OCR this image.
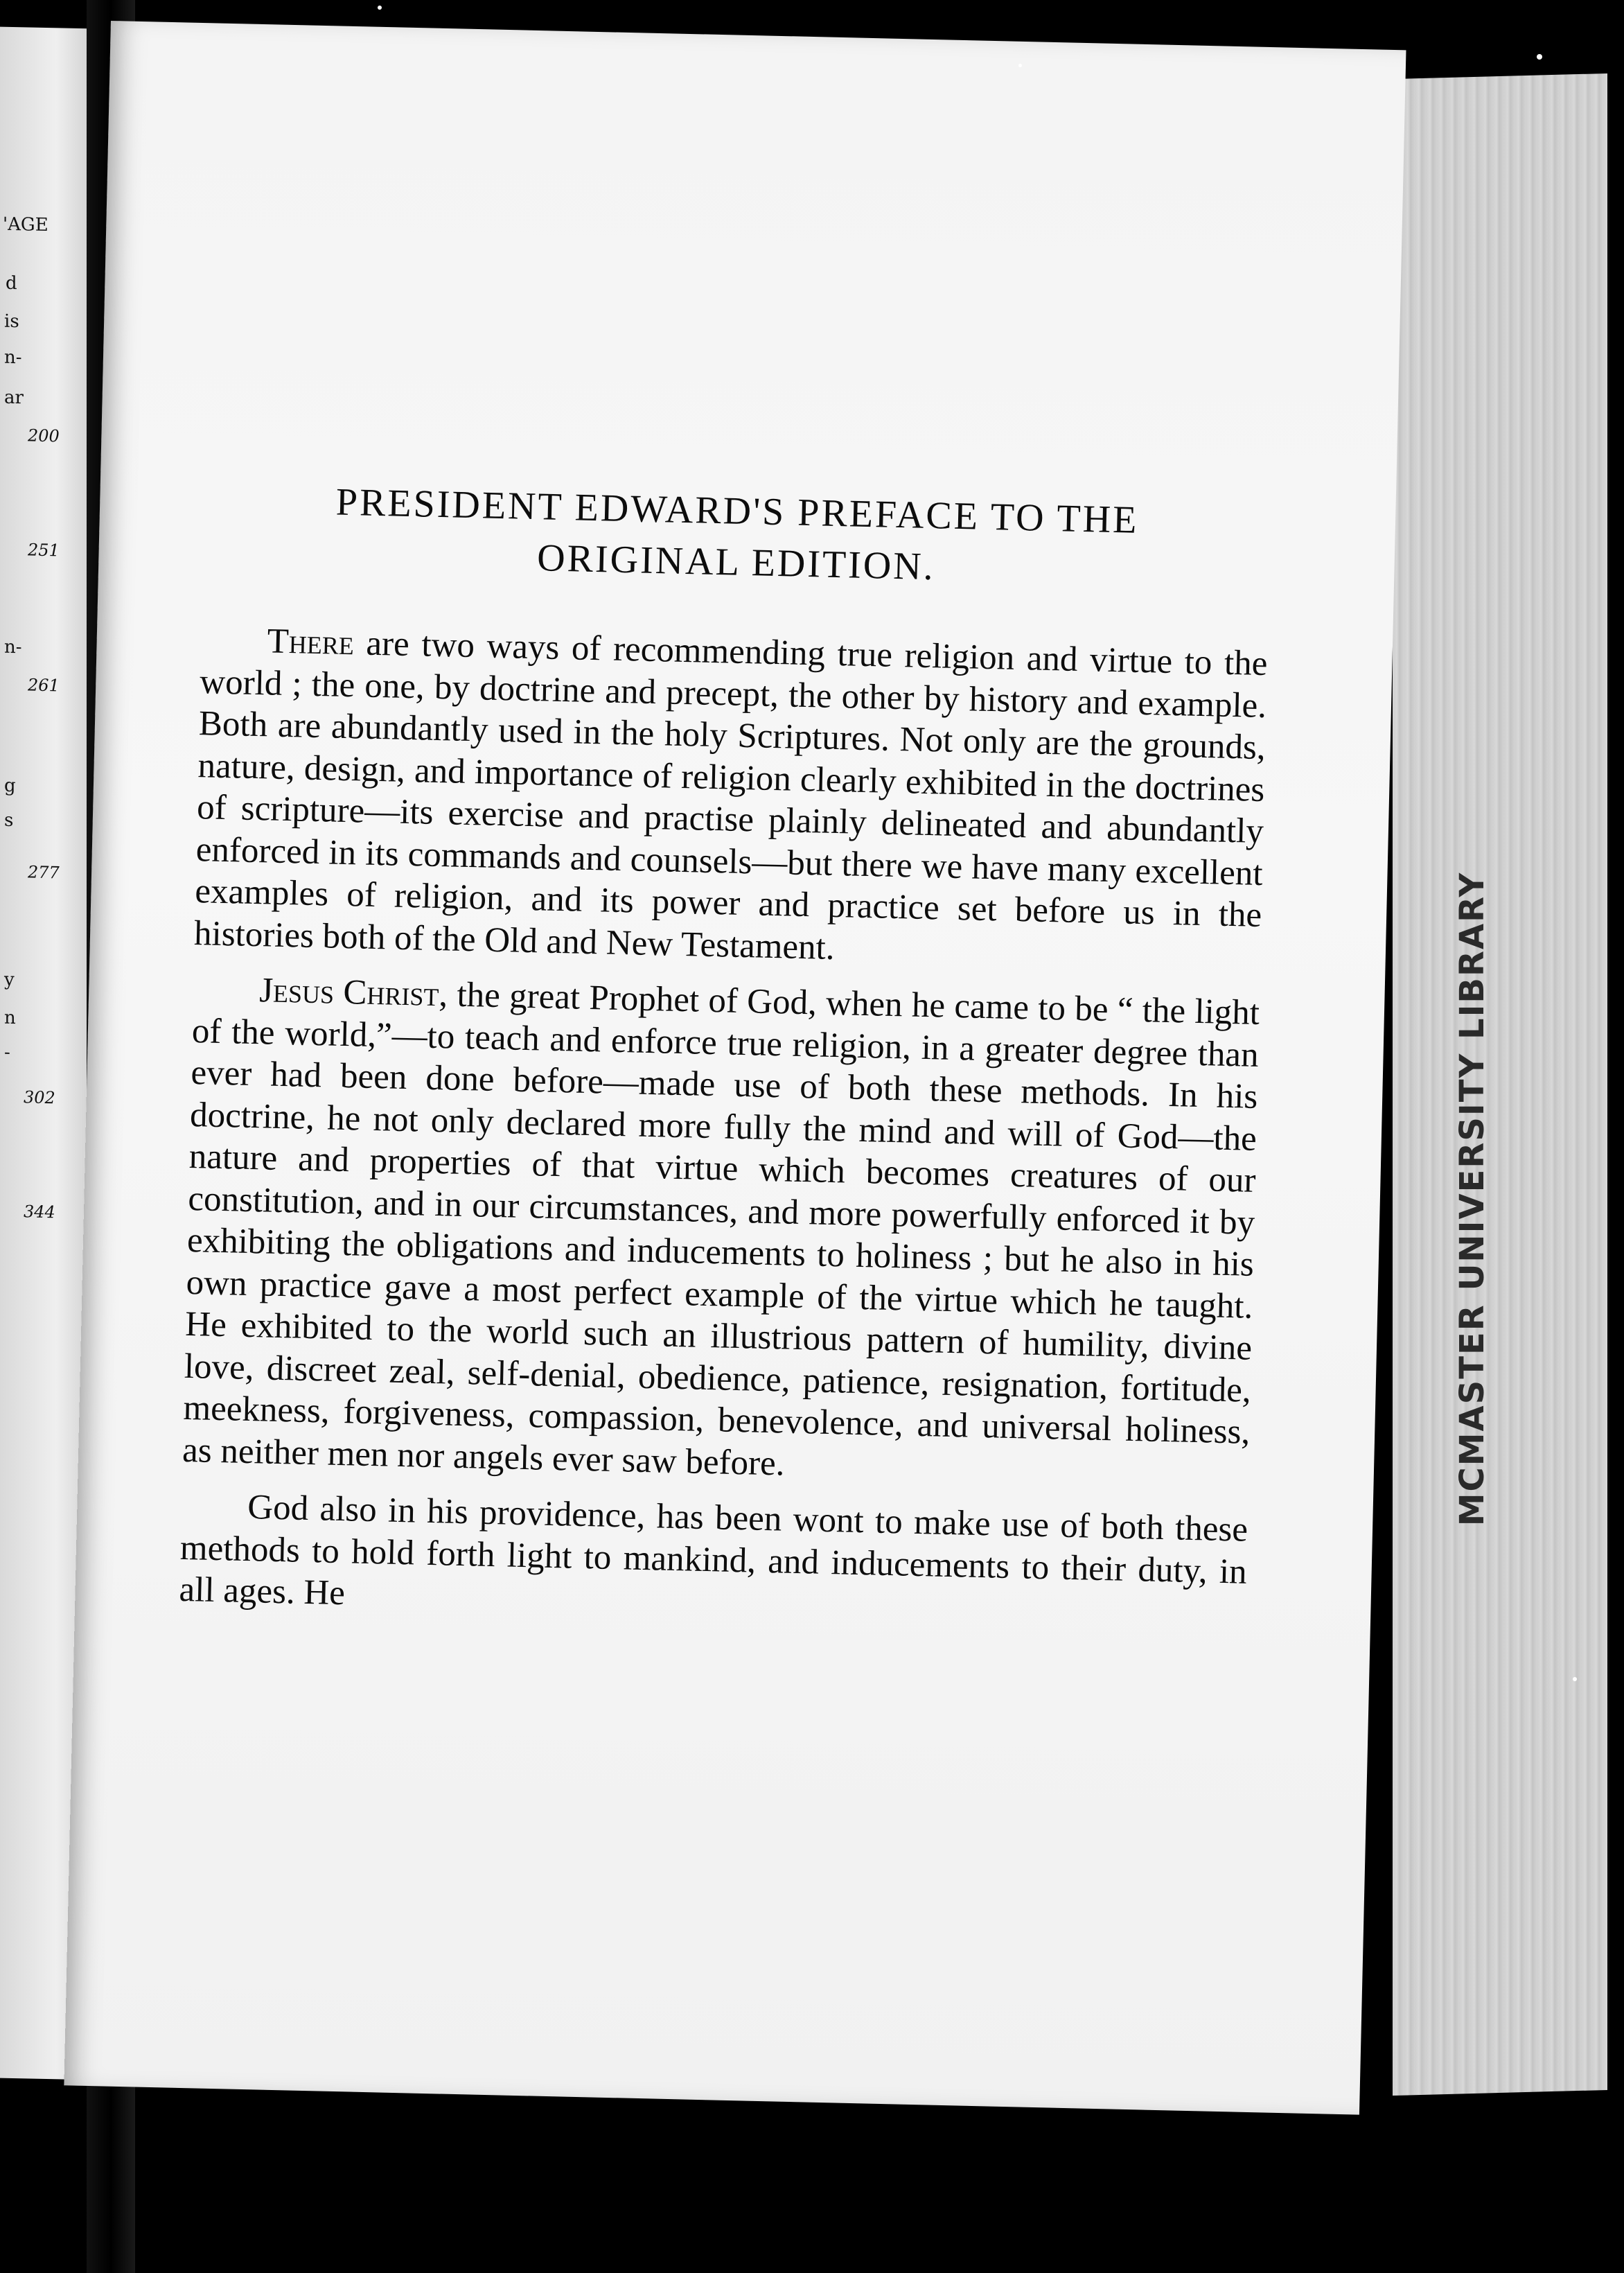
'AGE
d
is
n-
ar
n-
g
s
y
n
-
200
251
261
277
302
344
PRESIDENT EDWARD'S PREFACE TO THE
ORIGINAL EDITION.

There are two ways of recommending true religion and virtue to the world ; the one, by doctrine and precept, the other by history and example. Both are abundantly used in the holy Scriptures. Not only are the grounds, nature, design, and importance of religion clearly exhibited in the doctrines of scripture—its exercise and practise plainly delineated and abundantly enforced in its commands and counsels—but there we have many excellent examples of religion, and its power and practice set before us in the histories both of the Old and New Testament.

Jesus Christ, the great Prophet of God, when he came to be “ the light of the world,”—to teach and enforce true religion, in a greater degree than ever had been done before—made use of both these methods. In his doctrine, he not only declared more fully the mind and will of God—the nature and properties of that virtue which becomes creatures of our constitution, and in our circumstances, and more powerfully enforced it by exhibiting the obligations and inducements to holiness ; but he also in his own practice gave a most perfect example of the virtue which he taught. He exhibited to the world such an illustrious pattern of humility, divine love, discreet zeal, self-denial, obedience, patience, resignation, fortitude, meekness, forgiveness, compassion, benevolence, and universal holiness, as neither men nor angels ever saw before.

God also in his providence, has been wont to make use of both these methods to hold forth light to mankind, and inducements to their duty, in all ages. He

MCMASTER UNIVERSITY LIBRARY
